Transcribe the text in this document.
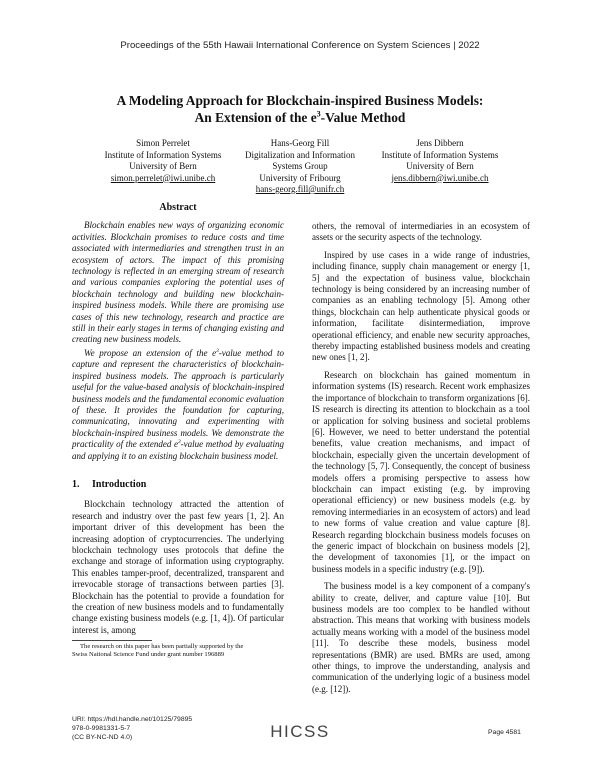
Proceedings of the 55th Hawaii International Conference on System Sciences | 2022
A Modeling Approach for Blockchain-inspired Business Models:
An Extension of the $e^3$-Value Method
Simon Perrelet
Institute of Information Systems
University of Bern
simon.perrelet@iwi.unibe.ch
Hans-Georg Fill
Digitalization and Information
Systems Group
University of Fribourg
hans-georg.fill@unifr.ch
Jens Dibbern
Institute of Information Systems
University of Bern
jens.dibbern@iwi.unibe.ch
Abstract

Blockchain enables new ways of organizing economic activities. Blockchain promises to reduce costs and time associated with intermediaries and strengthen trust in an ecosystem of actors. The impact of this promising technology is reflected in an emerging stream of research and various companies exploring the potential uses of blockchain technology and building new blockchain-inspired business models. While there are promising use cases of this new technology, research and practice are still in their early stages in terms of changing existing and creating new business models.

We propose an extension of the $e^3$-value method to capture and represent the characteristics of blockchain-inspired business models. The approach is particularly useful for the value-based analysis of blockchain-inspired business models and the fundamental economic evaluation of these. It provides the foundation for capturing, communicating, innovating and experimenting with blockchain-inspired business models. We demonstrate the practicality of the extended $e^3$-value method by evaluating and applying it to an existing blockchain business model.

1. Introduction

Blockchain technology attracted the attention of research and industry over the past few years [1, 2]. An important driver of this development has been the increasing adoption of cryptocurrencies. The underlying blockchain technology uses protocols that define the exchange and storage of information using cryptography. This enables tamper-proof, decentralized, transparent and irrevocable storage of transactions between parties [3]. Blockchain has the potential to provide a foundation for the creation of new business models and to fundamentally change existing business models (e.g. [1, 4]). Of particular interest is, among

others, the removal of intermediaries in an ecosystem of assets or the security aspects of the technology.

Inspired by use cases in a wide range of industries, including finance, supply chain management or energy [1, 5] and the expectation of business value, blockchain technology is being considered by an increasing number of companies as an enabling technology [5]. Among other things, blockchain can help authenticate physical goods or information, facilitate disintermediation, improve operational efficiency, and enable new security approaches, thereby impacting established business models and creating new ones [1, 2].

Research on blockchain has gained momentum in information systems (IS) research. Recent work emphasizes the importance of blockchain to transform organizations [6]. IS research is directing its attention to blockchain as a tool or application for solving business and societal problems [6]. However, we need to better understand the potential benefits, value creation mechanisms, and impact of blockchain, especially given the uncertain development of the technology [5, 7]. Consequently, the concept of business models offers a promising perspective to assess how blockchain can impact existing (e.g. by improving operational efficiency) or new business models (e.g. by removing intermediaries in an ecosystem of actors) and lead to new forms of value creation and value capture [8]. Research regarding blockchain business models focuses on the generic impact of blockchain on business models [2], the development of taxonomies [1], or the impact on business models in a specific industry (e.g. [9]).

The business model is a key component of a company's ability to create, deliver, and capture value [10]. But business models are too complex to be handled without abstraction. This means that working with business models actually means working with a model of the business model [11]. To describe these models, business model representations (BMR) are used. BMRs are used, among other things, to improve the understanding, analysis and communication of the underlying logic of a business model (e.g. [12]).

The research on this paper has been partially supported by the
Swiss National Science Fund under grant number 196889
URI: https://hdl.handle.net/10125/79895
978-0-9981331-5-7
(CC BY-NC-ND 4.0)	HICSS	Page 4581
